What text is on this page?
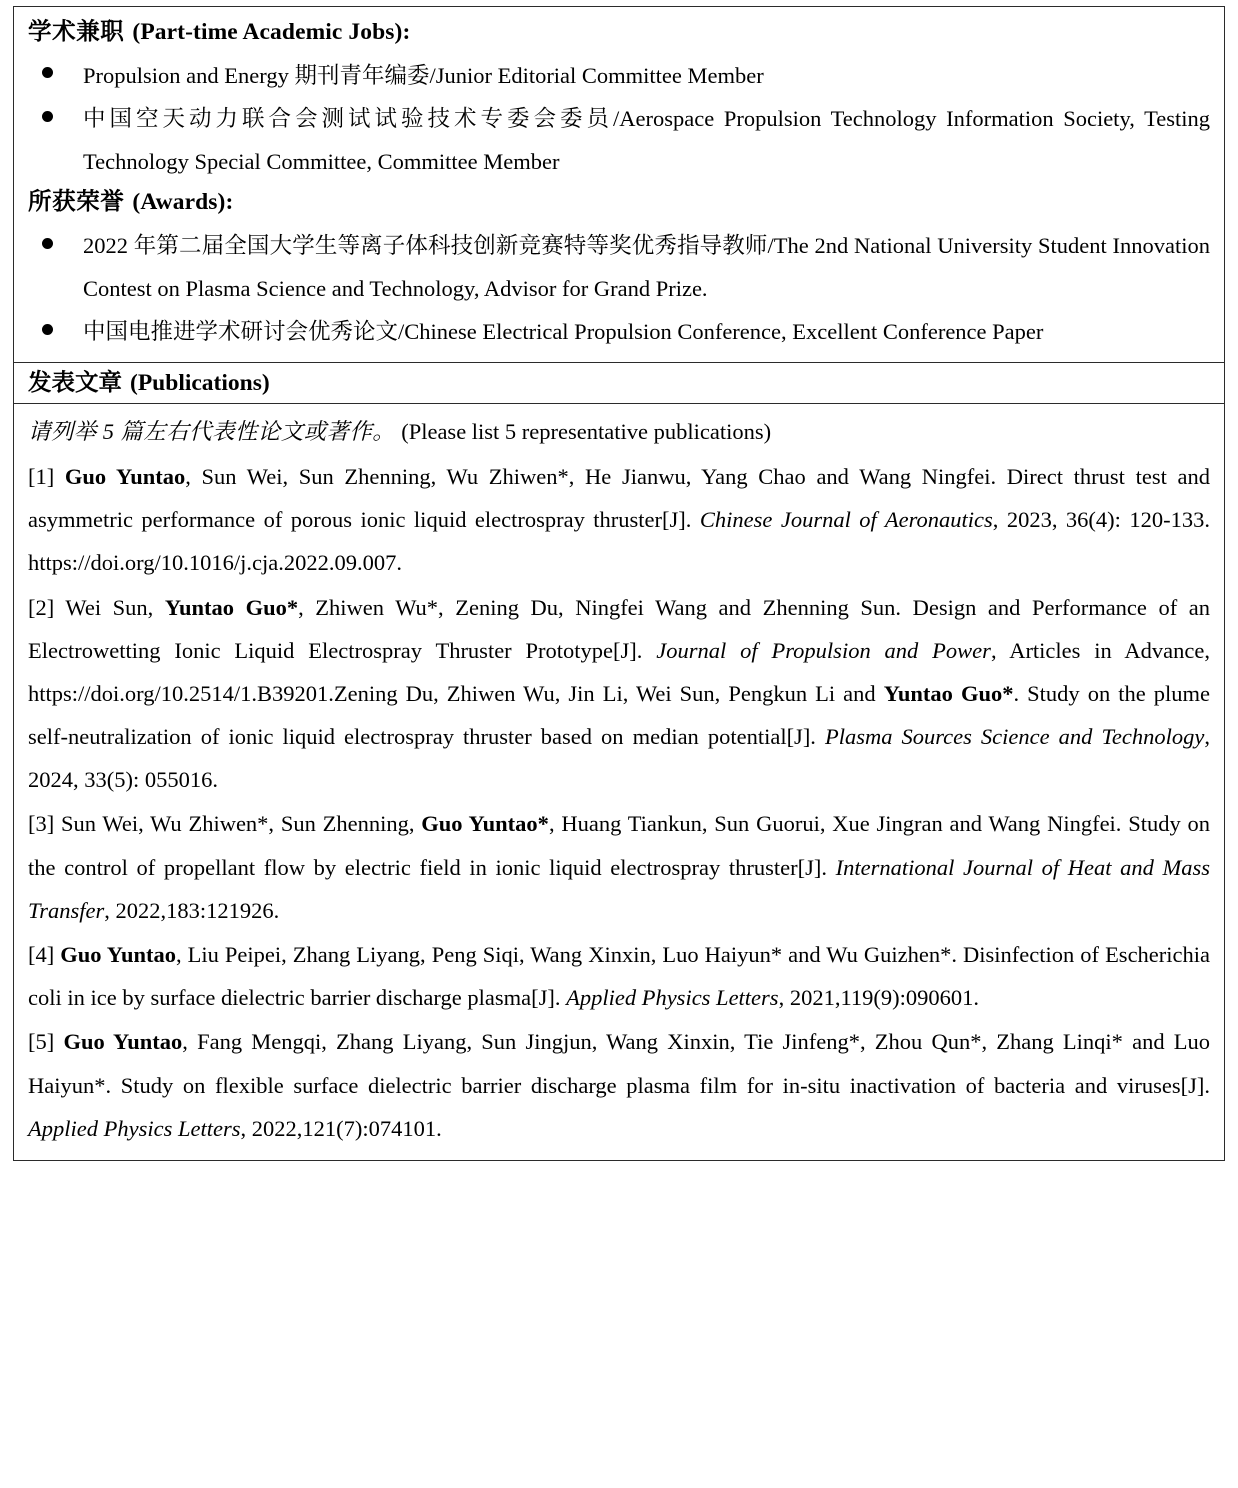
学术兼职 (Part-time Academic Jobs):
Propulsion and Energy 期刊青年编委/Junior Editorial Committee Member
中国空天动力联合会测试试验技术专委会委员/Aerospace Propulsion Technology Information Society, Testing Technology Special Committee, Committee Member
所获荣誉 (Awards):
2022 年第二届全国大学生等离子体科技创新竞赛特等奖优秀指导教师/The 2nd National University Student Innovation Contest on Plasma Science and Technology, Advisor for Grand Prize.
中国电推进学术研讨会优秀论文/Chinese Electrical Propulsion Conference, Excellent Conference Paper

发表文章 (Publications)

请列举 5 篇左右代表性论文或著作。 (Please list 5 representative publications)

[1] Guo Yuntao, Sun Wei, Sun Zhenning, Wu Zhiwen*, He Jianwu, Yang Chao and Wang Ningfei. Direct thrust test and asymmetric performance of porous ionic liquid electrospray thruster[J]. Chinese Journal of Aeronautics, 2023, 36(4): 120-133. https://doi.org/10.1016/j.cja.2022.09.007.

[2] Wei Sun, Yuntao Guo*, Zhiwen Wu*, Zening Du, Ningfei Wang and Zhenning Sun. Design and Performance of an Electrowetting Ionic Liquid Electrospray Thruster Prototype[J]. Journal of Propulsion and Power, Articles in Advance, https://doi.org/10.2514/1.B39201.Zening Du, Zhiwen Wu, Jin Li, Wei Sun, Pengkun Li and Yuntao Guo*. Study on the plume self-neutralization of ionic liquid electrospray thruster based on median potential[J]. Plasma Sources Science and Technology, 2024, 33(5): 055016.

[3] Sun Wei, Wu Zhiwen*, Sun Zhenning, Guo Yuntao*, Huang Tiankun, Sun Guorui, Xue Jingran and Wang Ningfei. Study on the control of propellant flow by electric field in ionic liquid electrospray thruster[J]. International Journal of Heat and Mass Transfer, 2022,183:121926.

[4] Guo Yuntao, Liu Peipei, Zhang Liyang, Peng Siqi, Wang Xinxin, Luo Haiyun* and Wu Guizhen*. Disinfection of Escherichia coli in ice by surface dielectric barrier discharge plasma[J]. Applied Physics Letters, 2021,119(9):090601.

[5] Guo Yuntao, Fang Mengqi, Zhang Liyang, Sun Jingjun, Wang Xinxin, Tie Jinfeng*, Zhou Qun*, Zhang Linqi* and Luo Haiyun*. Study on flexible surface dielectric barrier discharge plasma film for in-situ inactivation of bacteria and viruses[J]. Applied Physics Letters, 2022,121(7):074101.
